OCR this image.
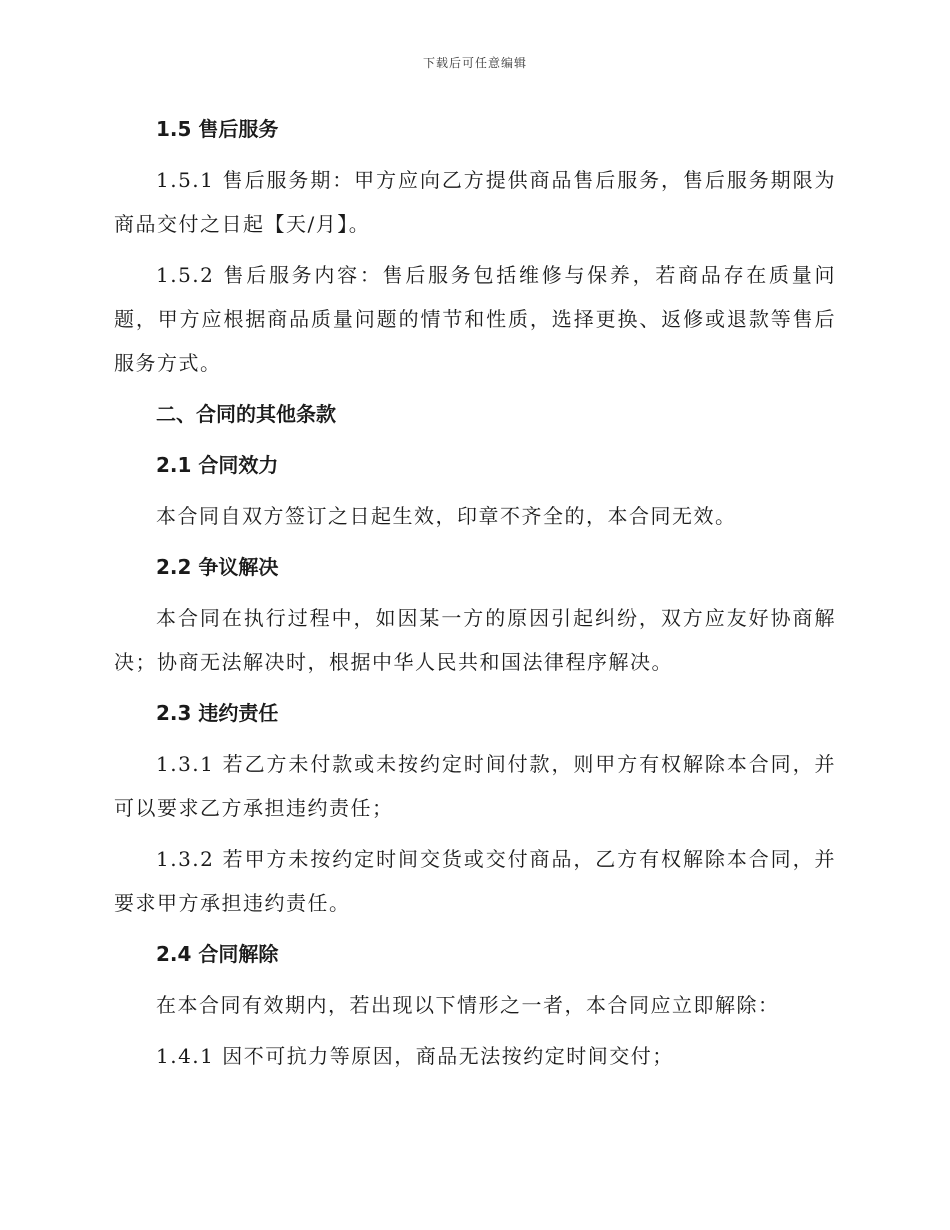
下载后可任意编辑
1.5 售后服务
1.5.1 售后服务期：甲方应向乙方提供商品售后服务，售后服务期限为商品交付之日起【天/月】。
1.5.2 售后服务内容：售后服务包括维修与保养，若商品存在质量问题，甲方应根据商品质量问题的情节和性质，选择更换、返修或退款等售后服务方式。
二、合同的其他条款
2.1 合同效力
本合同自双方签订之日起生效，印章不齐全的，本合同无效。
2.2 争议解决
本合同在执行过程中，如因某一方的原因引起纠纷，双方应友好协商解决；协商无法解决时，根据中华人民共和国法律程序解决。
2.3 违约责任
1.3.1 若乙方未付款或未按约定时间付款，则甲方有权解除本合同，并可以要求乙方承担违约责任；
1.3.2 若甲方未按约定时间交货或交付商品，乙方有权解除本合同，并要求甲方承担违约责任。
2.4 合同解除
在本合同有效期内，若出现以下情形之一者，本合同应立即解除：
1.4.1 因不可抗力等原因，商品无法按约定时间交付；
